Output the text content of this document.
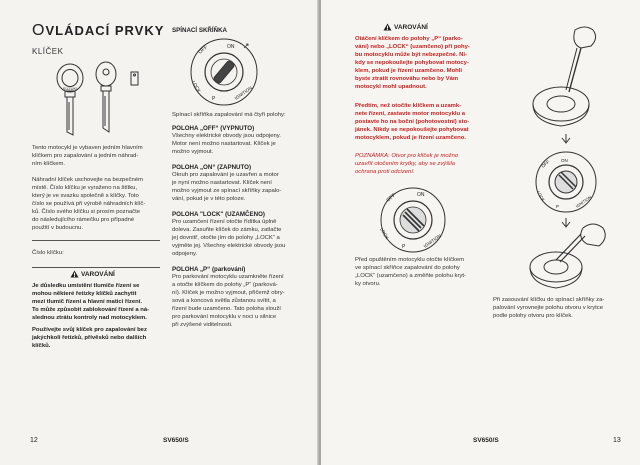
OVLÁDACÍ PRVKY
KLÍČEK
SUZUKI
Tento motocykl je vybaven jedním hlavním
klíčkem pro zapalování a jedním náhrad-
ním klíčkem.
Náhradní klíček uschovejte na bezpečném
místě. Číslo klíčku je vyraženo na štítku,
který je ve svazku společně s klíčky. Toto
číslo se používá při výrobě náhradních klíč-
ků. Číslo svého klíčku si prosím poznačte
do následujícího rámečku pro případné
použití v budoucnu.
Číslo klíčku:
VAROVÁNÍ
Je důsledku umístění tlumiče řízení se
mohou některé řetízky klíčků zachytit
mezi tlumič řízení a hlavní matici řízení.
To může způsobit zablokování řízení a ná-
slednou ztrátu kontroly nad motocyklem.
Používejte svůj klíček pro zapalování bez
jakýchkoli řetízků, přívěsků nebo dalších
klíčků.
SPÍNACÍ SKŘÍŇKA
ON
OFF
LOCK
P	IGNITION
Spínací skříňka zapalování má čtyři polohy:
POLOHA „OFF“ (VYPNUTO)
Všechny elektrické obvody jsou odpojeny.
Motor není možno nastartovat. Klíček je
možno vyjmout.
POLOHA „ON“ (ZAPNUTO)
Okruh pro zapalování je uzavřen a motor
je nyní možno nastartovat. Klíček není
možno vyjmout ze spínací skříňky zapalo-
vání, pokud je v této poloze.
POLOHA "LOCK" (UZAMČENO)
Pro uzamčení řízení otočte řídítka úplně
doleva. Zasuňte klíček do zámku, zatlačte
jej dovnitř, otočte jím do polohy „LOCK“ a
vyjměte jej. Všechny elektrické obvody jsou
odpojeny.
POLOHA „P“ (parkování)
Pro parkování motocyklu uzamkněte řízení
a otočte klíčkem do polohy „P“ (parková-
ní). Klíček je možno vyjmout, přičemž obry-
sová a koncová světla zůstanou svítit, a
řízení bude uzamčeno. Tato poloha slouží
pro parkování motocyklu v noci u silnice
při zvýšené viditelnosti.
12	SV650/S
VAROVÁNÍ
Otáčení klíčkem do polohy „P“ (parko-
vání) nebo „LOCK“ (uzamčeno) při pohy-
bu motocyklu může být nebezpečné. Ní-
kdy se nepokoušejte pohybovat motocy-
klem, pokud je řízení uzamčeno. Mohli
byste ztratit rovnováhu nebo by Vám
motocykl mohl upadnout.
Předtím, než otočíte klíčkem a uzamk-
nete řízení, zastavte motor motocyklu a
postavte ho na boční (pohotovostní) sto-
jánek. Nikdy se nepokoušejte pohybovat
motocyklem, pokud je řízení uzamčeno.
POZNÁMKA: Otvor pro klíček je možno
uzavřít otočením krytky, aby se zvýšila
ochrana proti odcizení.
ON
OFF
LOCK
P	IGNITION
Před opuštěním motocyklu otočte klíčkem
ve spínací skříňce zapalování do polohy
„LOCK“ (uzamčeno) a změňte polohu kryt-
ky otvoru.
ON
OFF
LOCK
P	IGNITION
Při zasouvání klíčku do spínací skříňky za-
palování vyrovnejte polohu otvoru v krytce
podle polohy otvoru pro klíček.
SV650/S	13
